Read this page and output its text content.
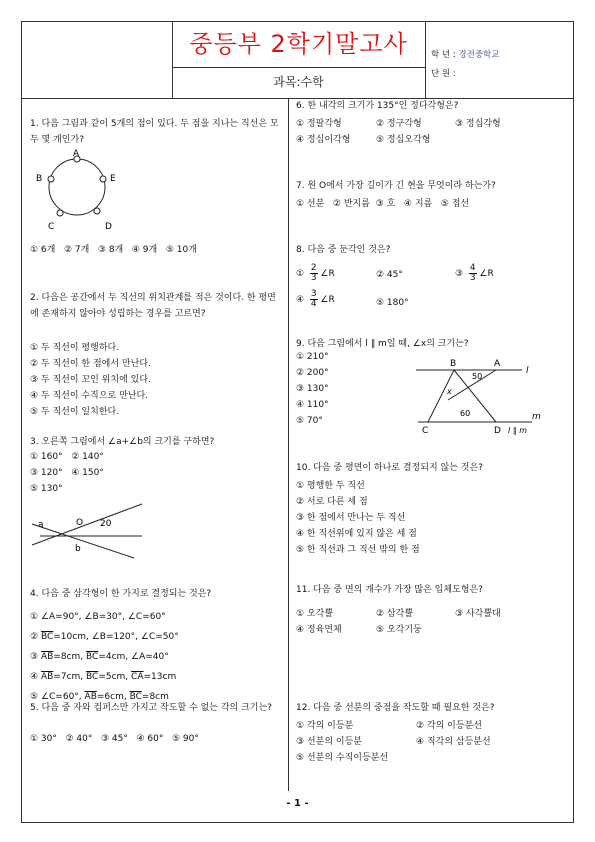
중등부 2학기말고사
과목:수학
학 년 : 경전중학교
단 원 :

1. 다음 그림과 같이 5개의 점이 있다. 두 점을 지나는 직선은 모두 몇 개인가?

A
B	E
C	D
① 6개 ② 7개 ③ 8개 ④ 9개 ⑤ 10개

2. 다음은 공간에서 두 직선의 위치관계를 적은 것이다. 한 평면에 존재하지 않아야 성립하는 경우를 고르면?

① 두 직선이 평행하다.
② 두 직선이 한 점에서 만난다.
③ 두 직선이 꼬인 위치에 있다.
④ 두 직선이 수직으로 만난다.
⑤ 두 직선이 일치한다.

3. 오른쪽 그림에서 ∠a+∠b의 크기를 구하면?

① 160° ② 140°
③ 120° ④ 150°
⑤ 130°
a	O 20
b

4. 다음 중 삼각형이 한 가지로 결정되는 것은?

① ∠A=90°, ∠B=30°, ∠C=60°
② $\overline{BC}=10cm$, ∠B=120°, ∠C=50°
③ $\overline{AB}=8cm$, $\overline{BC}=4cm$, ∠A=40°
④ $\overline{AB}=7cm$, $\overline{BC}=5cm$, $\overline{CA}=13cm$
⑤ ∠C=60°, $\overline{AB}=6cm$, $\overline{BC}=8cm$

5. 다음 중 자와 컴퍼스만 가지고 작도할 수 없는 각의 크기는?

① 30° ② 40° ③ 45° ④ 60° ⑤ 90°

6. 한 내각의 크기가 135°인 정다각형은?

① 정팔각형	② 정구각형	③ 정십각형
④ 정십이각형	⑤ 정십오각형

7. 원 O에서 가장 길이가 긴 현을 무엇이라 하는가?

① 선분 ② 반지름 ③ 호 ④ 지름 ⑤ 접선

8. 다음 중 둔각인 것은?

① $\frac{2}{3}$ ∠R	② 45°	③ $\frac{4}{3}$ ∠R
④ $\frac{3}{4}$ ∠R	⑤ 180°

9. 다음 그림에서 l ∥ m일 때, ∠x의 크기는?

① 210°
② 200°
③ 130°
④ 110°
⑤ 70°
B	A
l
50
x
60
C	D l ∥ m
m

10. 다음 중 평면이 하나로 결정되지 않는 것은?

① 평행한 두 직선
② 서로 다른 세 점
③ 한 점에서 만나는 두 직선
④ 한 직선위에 있지 않은 세 점
⑤ 한 직선과 그 직선 밖의 한 점

11. 다음 중 면의 개수가 가장 많은 입체도형은?

① 오각뿔	② 삼각뿔	③ 사각뿔대
④ 정육면체	⑤ 오각기둥

12. 다음 중 선분의 중점을 작도할 때 필요한 것은?

① 각의 이등분	② 각의 이등분선
③ 선분의 이등분	④ 직각의 삼등분선
⑤ 선분의 수직이등분선
- 1 -
